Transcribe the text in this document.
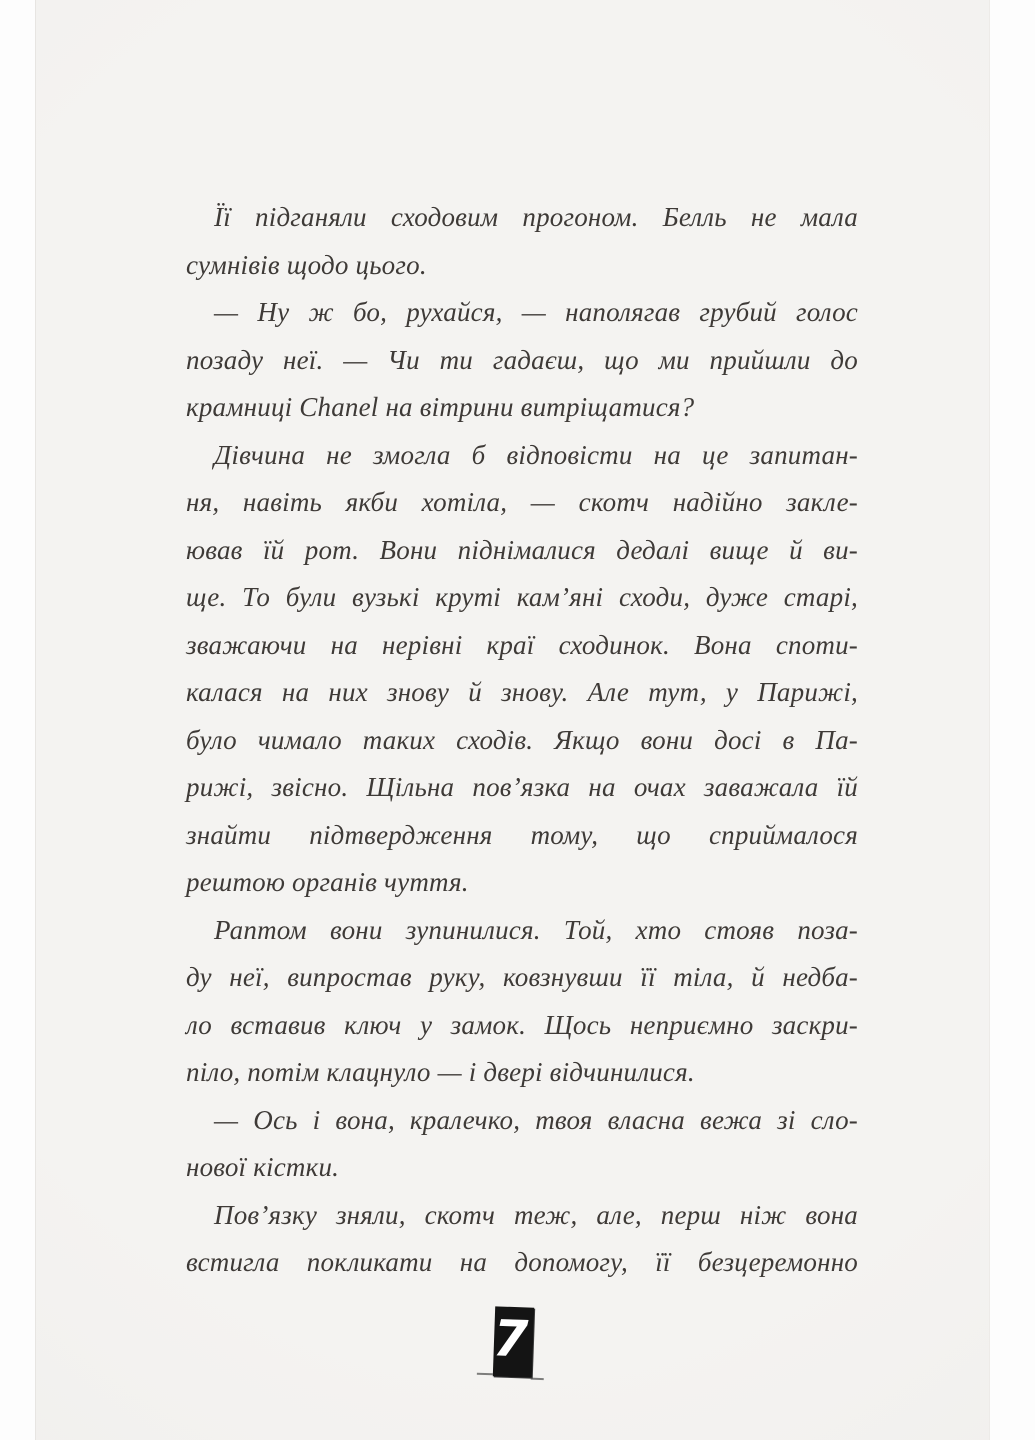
Її підганяли сходовим прогоном. Белль не мала
сумнівів щодо цього.
— Ну ж бо, рухайся, — наполягав грубий голос
позаду неї. — Чи ти гадаєш, що ми прийшли до
крамниці Chanel на вітрини витріщатися?
Дівчина не змогла б відповісти на це запитан-
ня, навіть якби хотіла, — скотч надійно закле-
ював їй рот. Вони піднімалися дедалі вище й ви-
ще. То були вузькі круті кам’яні сходи, дуже старі,
зважаючи на нерівні краї сходинок. Вона споти-
калася на них знову й знову. Але тут, у Парижі,
було чимало таких сходів. Якщо вони досі в Па-
рижі, звісно. Щільна пов’язка на очах заважала їй
знайти підтвердження тому, що сприймалося
рештою органів чуття.
Раптом вони зупинилися. Той, хто стояв поза-
ду неї, випростав руку, ковзнувши її тіла, й недба-
ло вставив ключ у замок. Щось неприємно заскри-
піло, потім клацнуло — і двері відчинилися.
— Ось і вона, кралечко, твоя власна вежа зі сло-
нової кістки.
Пов’язку зняли, скотч теж, але, перш ніж вона
встигла покликати на допомогу, її безцеремонно
7
